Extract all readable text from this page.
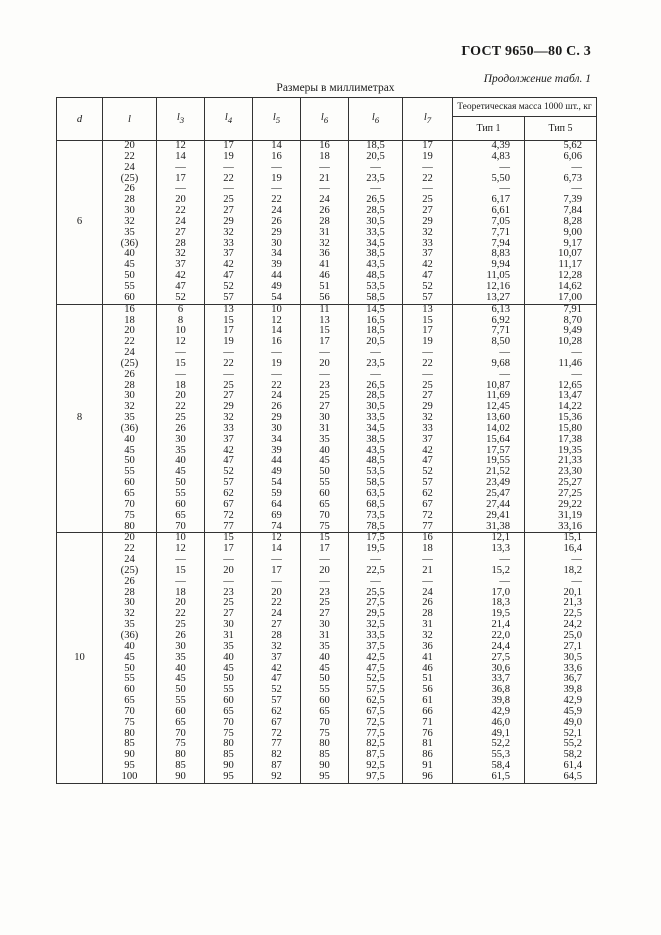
ГОСТ 9650—80 С. 3
Размеры в миллиметрах
Продолжение табл. 1
d	l	$l_3$	$l_4$	$l_5$	$l_6$	$l_6$	$l_7$	Теоретическая масса 1000 шт., кг	
								Тип 1	Тип 5
6	20	12	17	14	16	18,5	17	4,39	5,62
	22	14	19	16	18	20,5	19	4,83	6,06
	24	—	—	—	—	—	—	—	—
	(25)	17	22	19	21	23,5	22	5,50	6,73
	26	—	—	—	—	—	—	—	—
	28	20	25	22	24	26,5	25	6,17	7,39
	30	22	27	24	26	28,5	27	6,61	7,84
	32	24	29	26	28	30,5	29	7,05	8,28
	35	27	32	29	31	33,5	32	7,71	9,00
	(36)	28	33	30	32	34,5	33	7,94	9,17
	40	32	37	34	36	38,5	37	8,83	10,07
	45	37	42	39	41	43,5	42	9,94	11,17
	50	42	47	44	46	48,5	47	11,05	12,28
	55	47	52	49	51	53,5	52	12,16	14,62
	60	52	57	54	56	58,5	57	13,27	17,00
8	16	6	13	10	11	14,5	13	6,13	7,91
	18	8	15	12	13	16,5	15	6,92	8,70
	20	10	17	14	15	18,5	17	7,71	9,49
	22	12	19	16	17	20,5	19	8,50	10,28
	24	—	—	—	—	—	—	—	—
	(25)	15	22	19	20	23,5	22	9,68	11,46
	26	—	—	—	—	—	—	—	—
	28	18	25	22	23	26,5	25	10,87	12,65
	30	20	27	24	25	28,5	27	11,69	13,47
	32	22	29	26	27	30,5	29	12,45	14,22
	35	25	32	29	30	33,5	32	13,60	15,36
	(36)	26	33	30	31	34,5	33	14,02	15,80
	40	30	37	34	35	38,5	37	15,64	17,38
	45	35	42	39	40	43,5	42	17,57	19,35
	50	40	47	44	45	48,5	47	19,55	21,33
	55	45	52	49	50	53,5	52	21,52	23,30
	60	50	57	54	55	58,5	57	23,49	25,27
	65	55	62	59	60	63,5	62	25,47	27,25
	70	60	67	64	65	68,5	67	27,44	29,22
	75	65	72	69	70	73,5	72	29,41	31,19
	80	70	77	74	75	78,5	77	31,38	33,16
10	20	10	15	12	15	17,5	16	12,1	15,1
	22	12	17	14	17	19,5	18	13,3	16,4
	24	—	—	—	—	—	—	—	—
	(25)	15	20	17	20	22,5	21	15,2	18,2
	26	—	—	—	—	—	—	—	—
	28	18	23	20	23	25,5	24	17,0	20,1
	30	20	25	22	25	27,5	26	18,3	21,3
	32	22	27	24	27	29,5	28	19,5	22,5
	35	25	30	27	30	32,5	31	21,4	24,2
	(36)	26	31	28	31	33,5	32	22,0	25,0
	40	30	35	32	35	37,5	36	24,4	27,1
	45	35	40	37	40	42,5	41	27,5	30,5
	50	40	45	42	45	47,5	46	30,6	33,6
	55	45	50	47	50	52,5	51	33,7	36,7
	60	50	55	52	55	57,5	56	36,8	39,8
	65	55	60	57	60	62,5	61	39,8	42,9
	70	60	65	62	65	67,5	66	42,9	45,9
	75	65	70	67	70	72,5	71	46,0	49,0
	80	70	75	72	75	77,5	76	49,1	52,1
	85	75	80	77	80	82,5	81	52,2	55,2
	90	80	85	82	85	87,5	86	55,3	58,2
	95	85	90	87	90	92,5	91	58,4	61,4
	100	90	95	92	95	97,5	96	61,5	64,5
